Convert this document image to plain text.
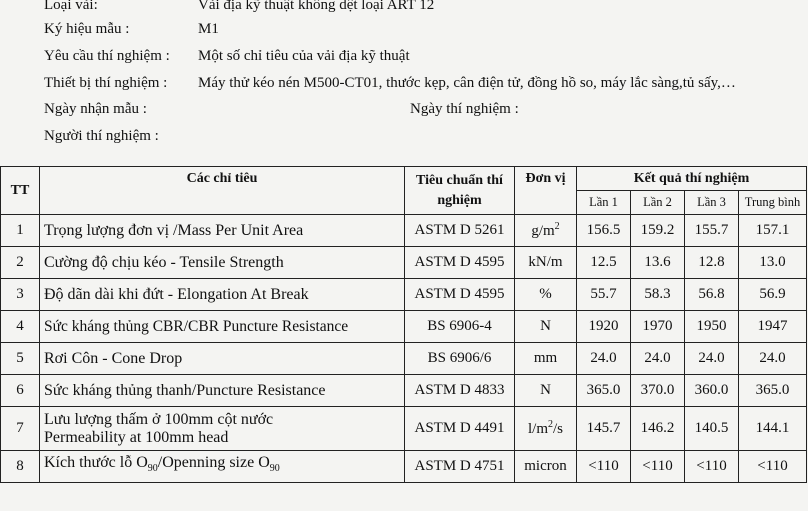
Loại vải:	Vải địa kỹ thuật không dệt loại ART 12
Ký hiệu mẫu :	M1
Yêu cầu thí nghiệm : Một số chỉ tiêu của vải địa kỹ thuật
Thiết bị thí nghiệm : Máy thử kéo nén M500-CT01, thước kẹp, cân điện tử, đồng hồ so, máy lắc sàng,tủ sấy,…
Ngày nhận mẫu :	Ngày thí nghiệm :
Người thí nghiệm :
TT	Các chỉ tiêu	Tiêu chuẩn thí nghiệm	Đơn vị	Kết quả thí nghiệm			
				Lần 1	Lần 2	Lần 3	Trung bình
1	Trọng lượng đơn vị /Mass Per Unit Area	ASTM D 5261	$g/m^2$	156.5	159.2	155.7	157.1
2	Cường độ chịu kéo - Tensile Strength	ASTM D 4595	kN/m	12.5	13.6	12.8	13.0
3	Độ dãn dài khi đứt - Elongation At Break	ASTM D 4595	%	55.7	58.3	56.8	56.9
4	Sức kháng thủng CBR/CBR Puncture Resistance	BS 6906-4	N	1920	1970	1950	1947
5	Rơi Côn - Cone Drop	BS 6906/6	mm	24.0	24.0	24.0	24.0
6	Sức kháng thủng thanh/Puncture Resistance	ASTM D 4833	N	365.0	370.0	360.0	365.0
7	Lưu lượng thấm ở 100mm cột nước
Permeability at 100mm head	ASTM D 4491	$l/m^2/s$	145.7	146.2	140.5	144.1
8	Kích thước lỗ $O_{90}$/Openning size $O_{90}$	ASTM D 4751	micron	<110	<110	<110	<110
